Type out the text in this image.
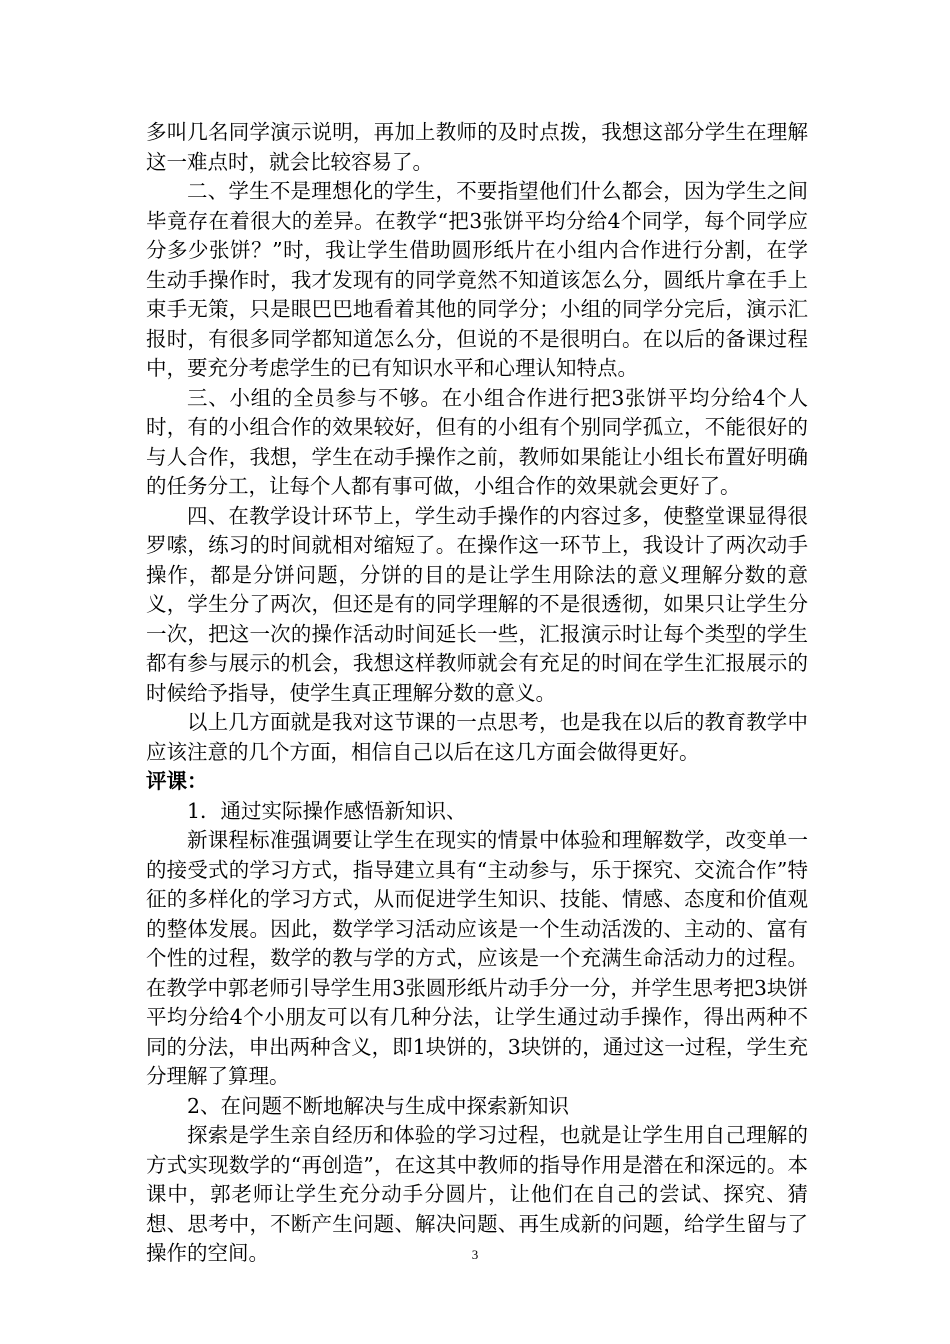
多叫几名同学演示说明，再加上教师的及时点拨，我想这部分学生在理解这一难点时，就会比较容易了。

二、学生不是理想化的学生，不要指望他们什么都会，因为学生之间毕竟存在着很大的差异。在教学“把3张饼平均分给4个同学，每个同学应分多少张饼？”时，我让学生借助圆形纸片在小组内合作进行分割，在学生动手操作时，我才发现有的同学竟然不知道该怎么分，圆纸片拿在手上束手无策，只是眼巴巴地看着其他的同学分；小组的同学分完后，演示汇报时，有很多同学都知道怎么分，但说的不是很明白。在以后的备课过程中，要充分考虑学生的已有知识水平和心理认知特点。

三、小组的全员参与不够。在小组合作进行把3张饼平均分给4个人时，有的小组合作的效果较好，但有的小组有个别同学孤立，不能很好的与人合作，我想，学生在动手操作之前，教师如果能让小组长布置好明确的任务分工，让每个人都有事可做，小组合作的效果就会更好了。

四、在教学设计环节上，学生动手操作的内容过多，使整堂课显得很罗嗦，练习的时间就相对缩短了。在操作这一环节上，我设计了两次动手操作，都是分饼问题，分饼的目的是让学生用除法的意义理解分数的意义，学生分了两次，但还是有的同学理解的不是很透彻，如果只让学生分一次，把这一次的操作活动时间延长一些，汇报演示时让每个类型的学生都有参与展示的机会，我想这样教师就会有充足的时间在学生汇报展示的时候给予指导，使学生真正理解分数的意义。

以上几方面就是我对这节课的一点思考，也是我在以后的教育教学中应该注意的几个方面，相信自己以后在这几方面会做得更好。

评课：

1．通过实际操作感悟新知识、

新课程标准强调要让学生在现实的情景中体验和理解数学，改变单一的接受式的学习方式，指导建立具有“主动参与，乐于探究、交流合作”特征的多样化的学习方式，从而促进学生知识、技能、情感、态度和价值观的整体发展。因此，数学学习活动应该是一个生动活泼的、主动的、富有个性的过程，数学的教与学的方式，应该是一个充满生命活动力的过程。在教学中郭老师引导学生用3张圆形纸片动手分一分，并学生思考把3块饼平均分给4个小朋友可以有几种分法，让学生通过动手操作，得出两种不同的分法，申出两种含义，即1块饼的，3块饼的，通过这一过程，学生充分理解了算理。

2、在问题不断地解决与生成中探索新知识

探索是学生亲自经历和体验的学习过程，也就是让学生用自己理解的方式实现数学的“再创造”，在这其中教师的指导作用是潜在和深远的。本课中，郭老师让学生充分动手分圆片，让他们在自己的尝试、探究、猜想、思考中，不断产生问题、解决问题、再生成新的问题，给学生留与了操作的空间。	3
